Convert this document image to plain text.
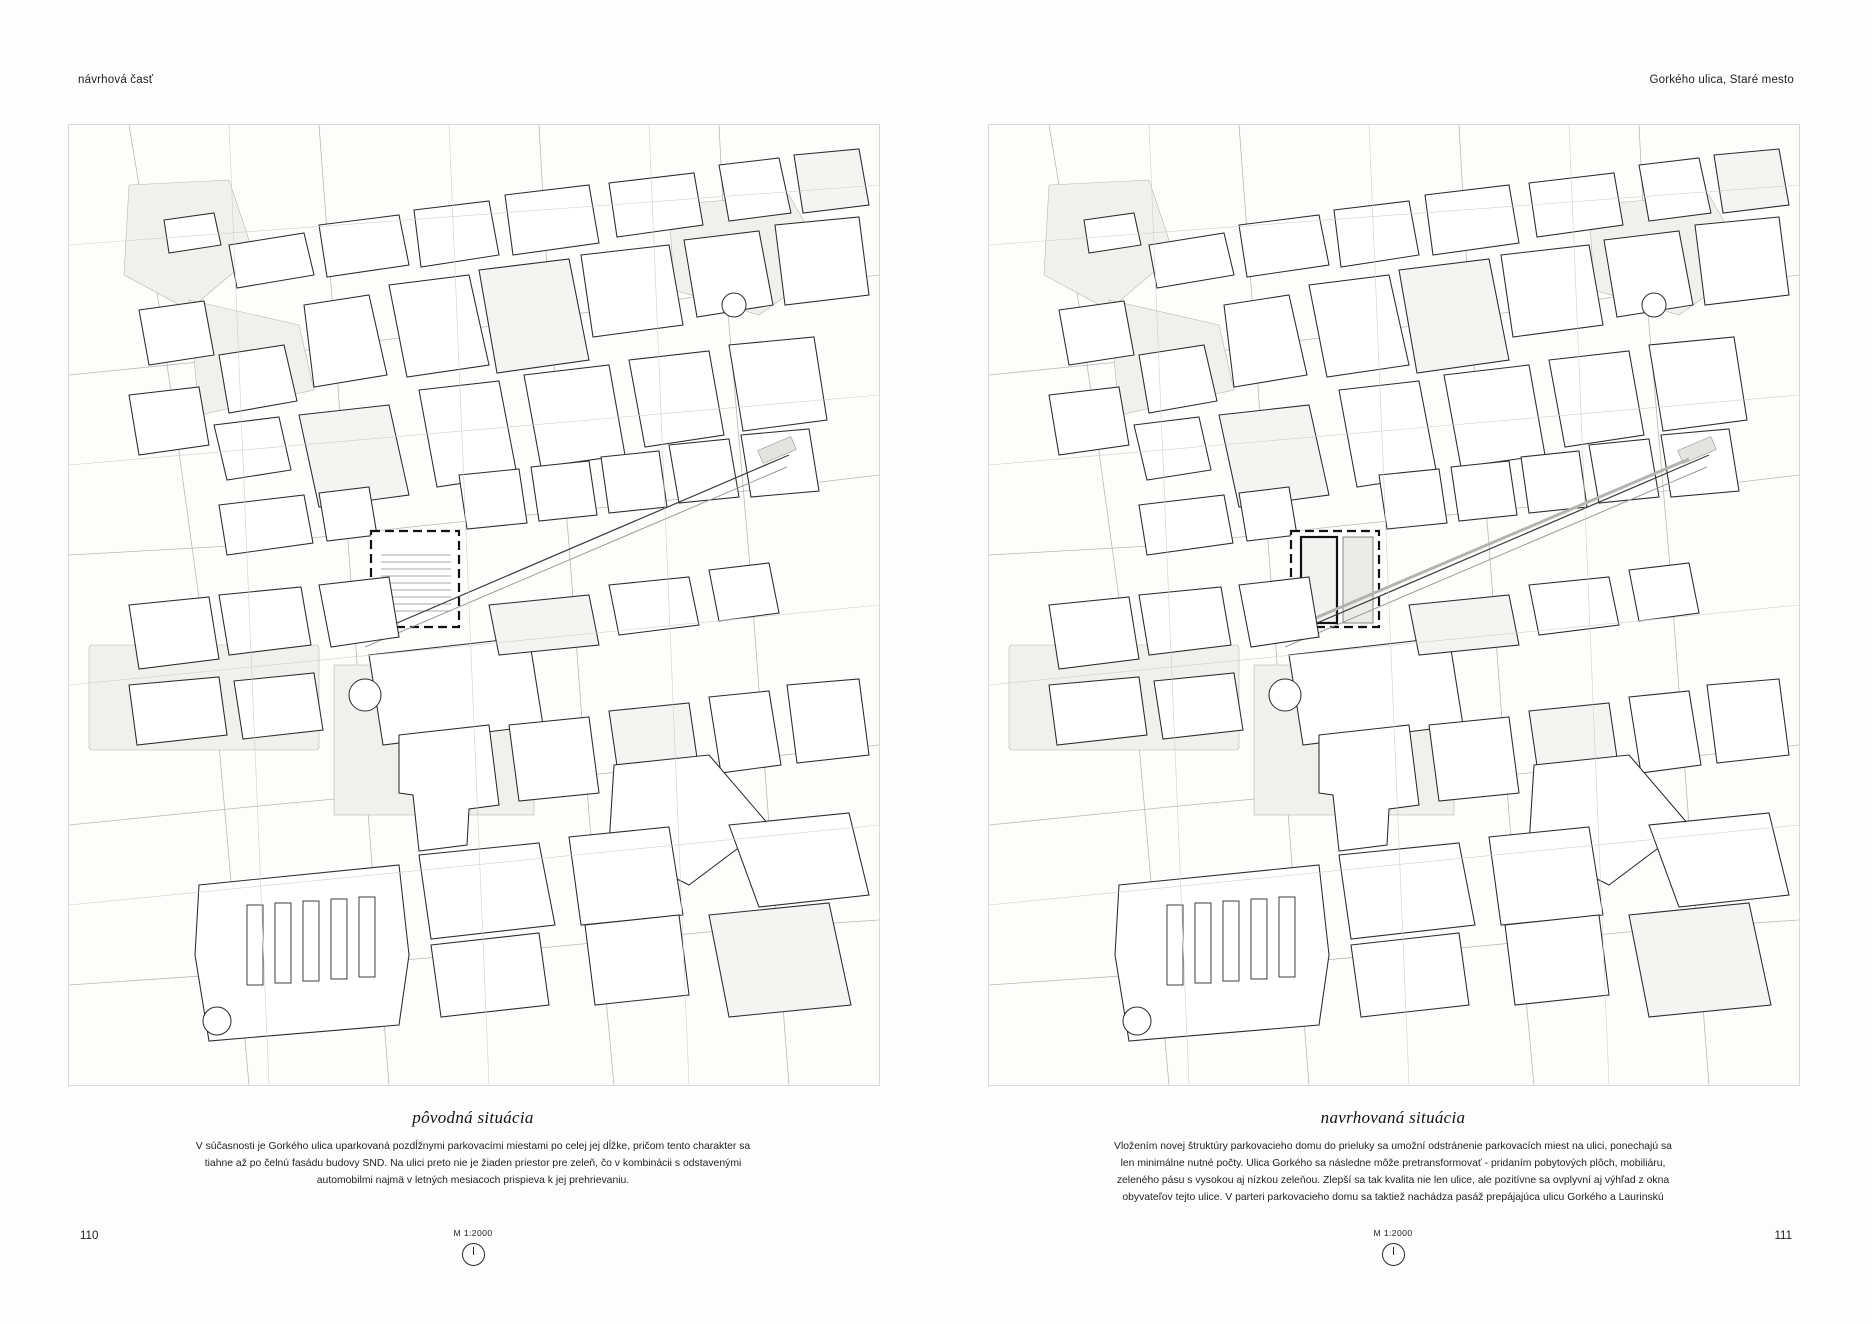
návrhová časť	Gorkého ulica, Staré mesto
pôvodná situácia
V súčasnosti je Gorkého ulica uparkovaná pozdĺžnymi parkovacími miestami po celej jej dĺžke, pričom tento charakter sa tiahne až po čelnú fasádu budovy SND. Na ulici preto nie je žiaden priestor pre zeleň, čo v kombinácii s odstavenými automobilmi najmä v letných mesiacoch prispieva k jej prehrievaniu.
navrhovaná situácia
Vložením novej štruktúry parkovacieho domu do prieluky sa umožní odstránenie parkovacích miest na ulici, ponechajú sa len minimálne nutné počty. Ulica Gorkého sa následne môže pretransformovať - pridaním pobytových plôch, mobiliáru, zeleného pásu s vysokou aj nízkou zeleňou. Zlepší sa tak kvalita nie len ulice, ale pozitívne sa ovplyvní aj výhľad z okna obyvateľov tejto ulice. V parteri parkovacieho domu sa taktiež nachádza pasáž prepájajúca ulicu Gorkého a Laurinskú
M 1:2000	M 1:2000
110	111
